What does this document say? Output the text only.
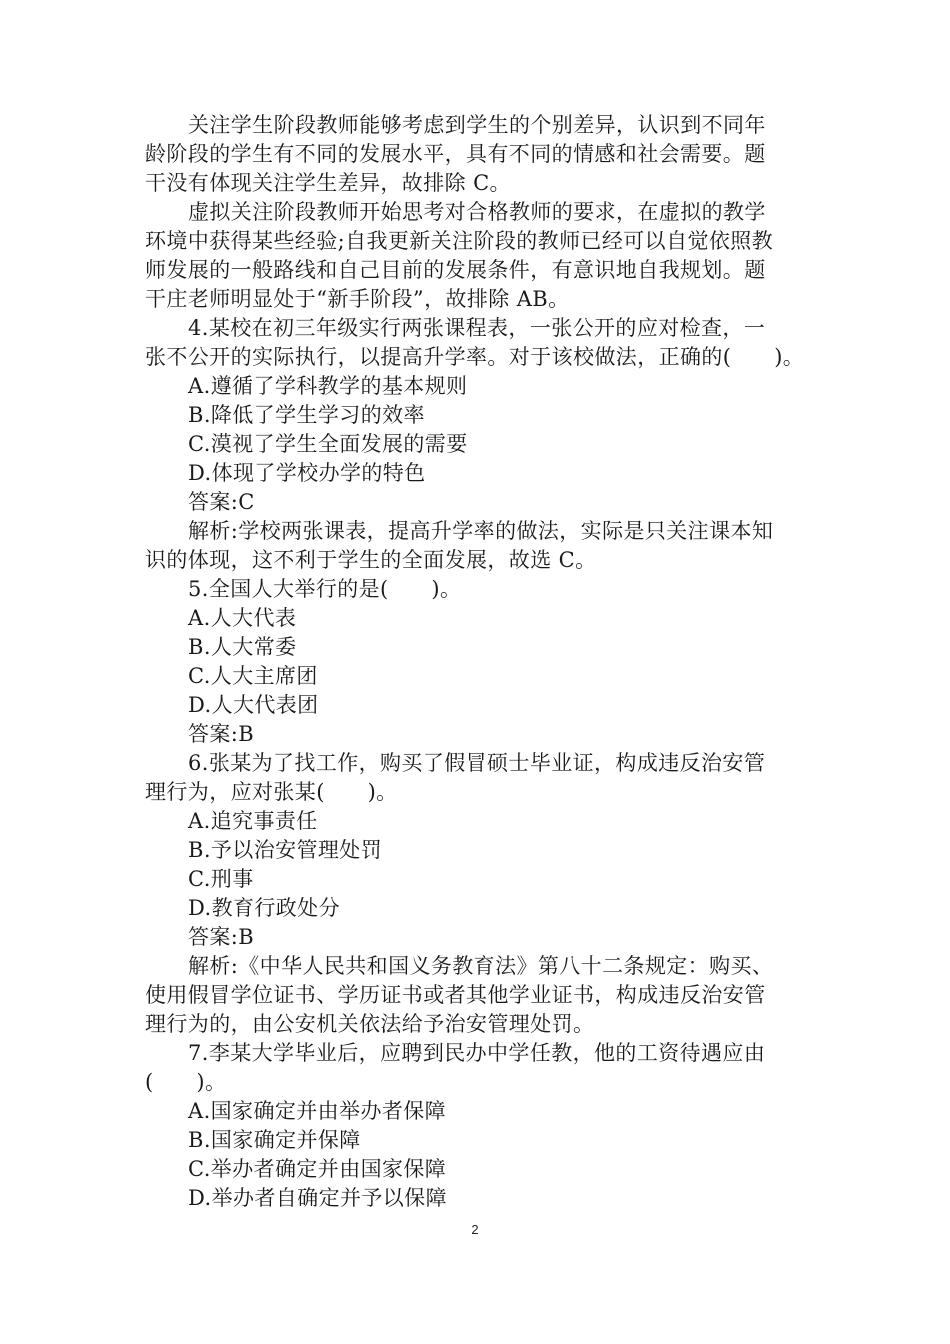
关注学生阶段教师能够考虑到学生的个别差异，认识到不同年
龄阶段的学生有不同的发展水平，具有不同的情感和社会需要。题
干没有体现关注学生差异，故排除 C。
虚拟关注阶段教师开始思考对合格教师的要求，在虚拟的教学
环境中获得某些经验;自我更新关注阶段的教师已经可以自觉依照教
师发展的一般路线和自己目前的发展条件，有意识地自我规划。题
干庄老师明显处于“新手阶段”，故排除 AB。
4.某校在初三年级实行两张课程表，一张公开的应对检查，一
张不公开的实际执行，以提高升学率。对于该校做法，正确的(　　)。
A.遵循了学科教学的基本规则
B.降低了学生学习的效率
C.漠视了学生全面发展的需要
D.体现了学校办学的特色
答案:C
解析:学校两张课表，提高升学率的做法，实际是只关注课本知
识的体现，这不利于学生的全面发展，故选 C。
5.全国人大举行的是(　　)。
A.人大代表
B.人大常委
C.人大主席团
D.人大代表团
答案:B
6.张某为了找工作，购买了假冒硕士毕业证，构成违反治安管
理行为，应对张某(　　)。
A.追究事责任
B.予以治安管理处罚
C.刑事
D.教育行政处分
答案:B
解析:《中华人民共和国义务教育法》第八十二条规定：购买、
使用假冒学位证书、学历证书或者其他学业证书，构成违反治安管
理行为的，由公安机关依法给予治安管理处罚。
7.李某大学毕业后，应聘到民办中学任教，他的工资待遇应由
(　　)。
A.国家确定并由举办者保障
B.国家确定并保障
C.举办者确定并由国家保障
D.举办者自确定并予以保障
2
